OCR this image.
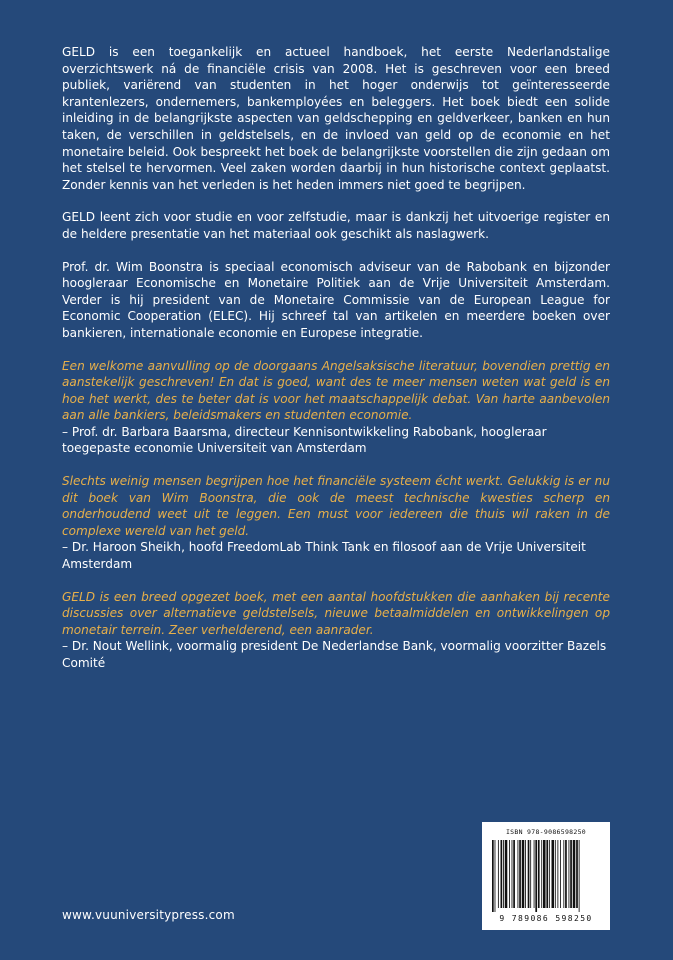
GELD is een toegankelijk en actueel handboek, het eerste Nederlandstalige overzichtswerk ná de financiële crisis van 2008. Het is geschreven voor een breed publiek, variërend van studenten in het hoger onderwijs tot geïnteresseerde krantenlezers, ondernemers, bankemployées en beleggers. Het boek biedt een solide inleiding in de belangrijkste aspecten van geldschepping en geldverkeer, banken en hun taken, de verschillen in geldstelsels, en de invloed van geld op de economie en het monetaire beleid. Ook bespreekt het boek de belangrijkste voorstellen die zijn gedaan om het stelsel te hervormen. Veel zaken worden daarbij in hun historische context geplaatst. Zonder kennis van het verleden is het heden immers niet goed te begrijpen.

GELD leent zich voor studie en voor zelfstudie, maar is dankzij het uitvoerige register en de heldere presentatie van het materiaal ook geschikt als naslagwerk.

Prof. dr. Wim Boonstra is speciaal economisch adviseur van de Rabobank en bijzonder hoogleraar Economische en Monetaire Politiek aan de Vrije Universiteit Amsterdam. Verder is hij president van de Monetaire Commissie van de European League for Economic Cooperation (ELEC). Hij schreef tal van artikelen en meerdere boeken over bankieren, internationale economie en Europese integratie.

Een welkome aanvulling op de doorgaans Angelsaksische literatuur, bovendien prettig en aanstekelijk geschreven! En dat is goed, want des te meer mensen weten wat geld is en hoe het werkt, des te beter dat is voor het maatschappelijk debat. Van harte aanbevolen aan alle bankiers, beleidsmakers en studenten economie.

– Prof. dr. Barbara Baarsma, directeur Kennisontwikkeling Rabobank, hoogleraar toegepaste economie Universiteit van Amsterdam

Slechts weinig mensen begrijpen hoe het financiële systeem écht werkt. Gelukkig is er nu dit boek van Wim Boonstra, die ook de meest technische kwesties scherp en onderhoudend weet uit te leggen. Een must voor iedereen die thuis wil raken in de complexe wereld van het geld.

– Dr. Haroon Sheikh, hoofd FreedomLab Think Tank en filosoof aan de Vrije Universiteit Amsterdam

GELD is een breed opgezet boek, met een aantal hoofdstukken die aanhaken bij recente discussies over alternatieve geldstelsels, nieuwe betaalmiddelen en ontwikkelingen op monetair terrein. Zeer verhelderend, een aanrader.

– Dr. Nout Wellink, voormalig president De Nederlandse Bank, voormalig voorzitter Bazels Comité

www.vuuniversitypress.com
ISBN 978-9086598250
9 789086 598250
